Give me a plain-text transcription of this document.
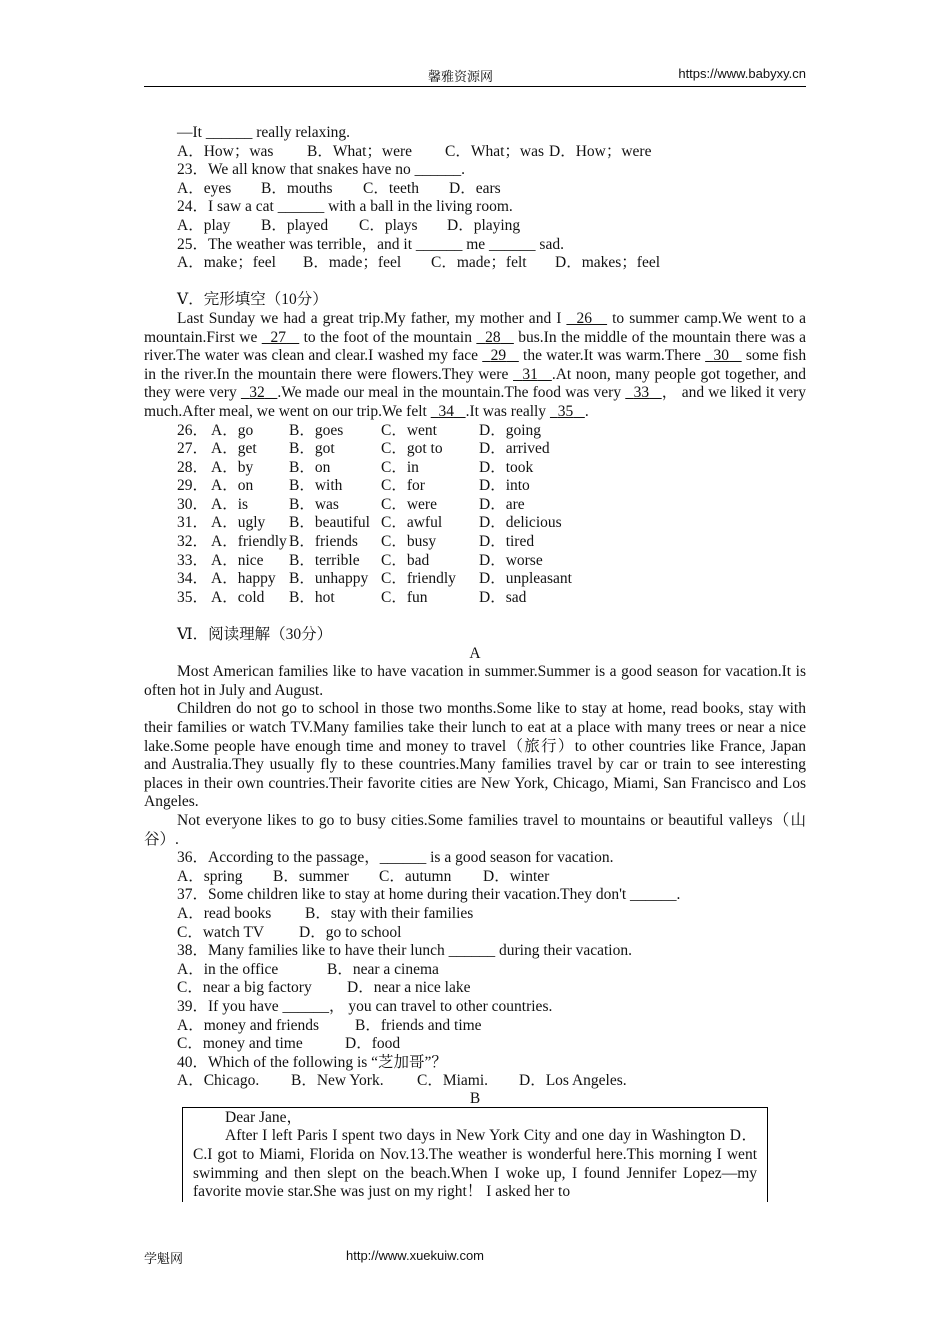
馨雅资源网	https://www.babyxy.cn
—It ______ really relaxing.
A．How；was B．What；were C．What；was D．How；were
23．We all know that snakes have no ______.
A．eyes B．mouths C．teeth D．ears
24．I saw a cat ______ with a ball in the living room.
A．play B．played C．plays D．playing
25．The weather was terrible，and it ______ me ______ sad.
A．make；feel B．made；feel C．made；felt D．makes；feel
Ⅴ．完形填空（10分）
Last Sunday we had a great trip.My father, my mother and I 26 to summer camp.We went to a mountain.First we 27 to the foot of the mountain 28 bus.In the middle of the mountain there was a river.The water was clean and clear.I washed my face 29 the water.It was warm.There 30 some fish in the river.In the mountain there were flowers.They were 31 .At noon, many people got together, and they were very 32 .We made our meal in the mountain.The food was very 33 ， and we liked it very much.After meal, we went on our trip.We felt 34 .It was really 35 .
26． A．go B．goes C．went	D．going
27． A．get B．got	C．got to D．arrived
28． A．by B．on	C．in	D．took
29． A．on B．with C．for	D．into
30． A．is	B．was	C．were	D．are
31． A．ugly B．beautiful C．awful D．delicious
32． A．friendly B．friends C．busy	D．tired
33． A．nice B．terrible C．bad	D．worse
34． A．happy B．unhappy C．friendly D．unpleasant
35． A．cold B．hot	C．fun	D．sad
Ⅵ．阅读理解（30分）
A
Most American families like to have vacation in summer.Summer is a good season for vacation.It is often hot in July and August.
Children do not go to school in those two months.Some like to stay at home, read books, stay with their families or watch TV.Many families take their lunch to eat at a place with many trees or near a nice lake.Some people have enough time and money to travel（旅行）to other countries like France, Japan and Australia.They usually fly to these countries.Many families travel by car or train to see interesting places in their own countries.Their favorite cities are New York, Chicago, Miami, San Francisco and Los Angeles.
Not everyone likes to go to busy cities.Some families travel to mountains or beautiful valleys（山谷）.
36．According to the passage，______ is a good season for vacation.
A．spring B．summer C．autumn D．winter
37．Some children like to stay at home during their vacation.They don't ______.
A．read books B．stay with their families
C．watch TV D．go to school
38．Many families like to have their lunch ______ during their vacation.
A．in the office	B．near a cinema
C．near a big factory D．near a nice lake
39．If you have ______， you can travel to other countries.
A．money and friends B．friends and time
C．money and time	D．food
40．Which of the following is “芝加哥”？
A．Chicago. B．New York. C．Miami. D．Los Angeles.
B
Dear Jane，
After I left Paris I spent two days in New York City and one day in Washington D．C.I got to Miami, Florida on Nov.13.The weather is wonderful here.This morning I went swimming and then slept on the beach.When I woke up, I found Jennifer Lopez—my favorite movie star.She was just on my right！ I asked her to
学魁网	http://www.xuekuiw.com
